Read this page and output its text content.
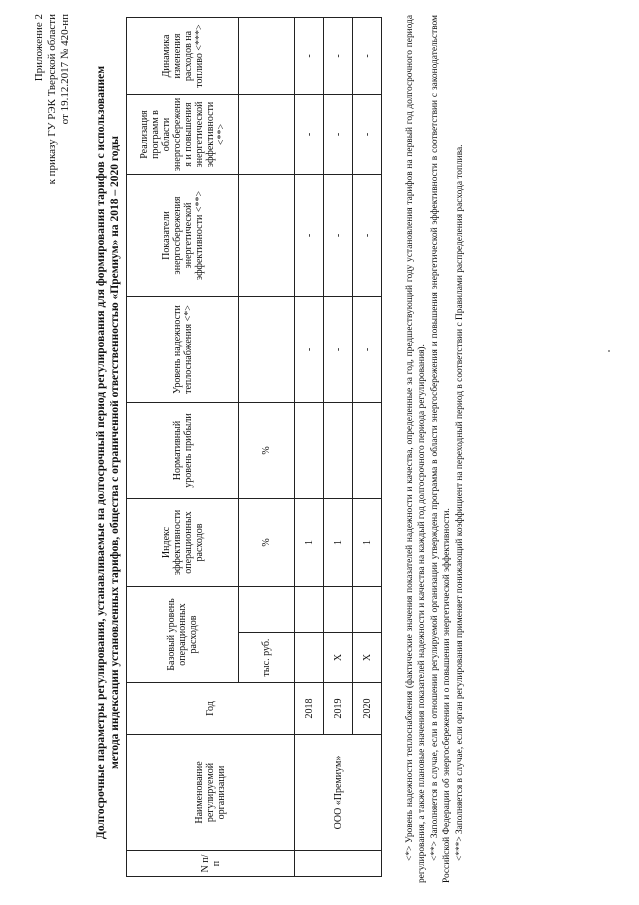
Приложение 2 к приказу ГУ РЭК Тверской области от 19.12.2017 № 420-нп Долгосрочные параметры регулирования, устанавливаемые на долгосрочный период регулирования для формирования тарифов с использованием метода индексации установленных тарифов, общества с ограниченной ответственностью «Премиум» на 2018 – 2020 годы
N п/п	Наименование регулируемой организации	Год	Базовый уровень операционных расходов		Индекс эффективности операционных расходов	Нормативный уровень прибыли	Уровень надежности теплоснабжения <*>	Показатели энергосбережения энергетической эффективности <**>	Реализация программ в области энергосбережени я и повышения энергетической эффективности <**>	Динамика изменения расходов на топливо <***>
			тыс. руб.		%	%				
	ООО «Премиум»	2018			1		-	-	-	-
		2019	Х		1		-	-	-	-
		2020	Х		1		-	-	-	-	<*> Уровень надежности теплоснабжения (фактические значения показателей надежности и качества, определенные за год, предшествующий году установления тарифов на первый год долгосрочного периода регулирования, а также плановые значения показателей надежности и качества на каждый год долгосрочного периода регулирования). <**> Заполняется в случае, если в отношении регулируемой организации утверждена программа в области энергосбережения и повышения энергетической эффективности в соответствии с законодательством Российской Федерации об энергосбережении и о повышении энергетической эффективности. <***> Заполняется в случае, если орган регулирования применяет понижающий коэффициент на переходный период в соответствии с Правилами распределения расхода топлива.
